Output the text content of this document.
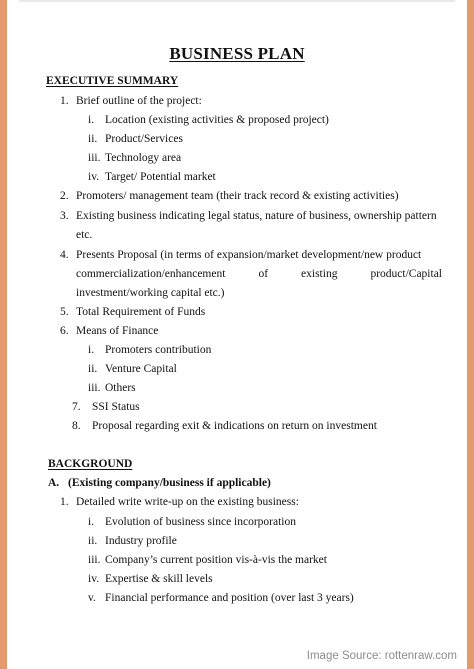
BUSINESS PLAN
EXECUTIVE SUMMARY
1. Brief outline of the project:
i. Location (existing activities & proposed project)
ii. Product/Services
iii. Technology area
iv. Target/ Potential market
2. Promoters/ management team (their track record & existing activities)
3. Existing business indicating legal status, nature of business, ownership pattern
etc.
4. Presents Proposal (in terms of expansion/market development/new product
commercialization/enhancement	of	existing	product/Capital
investment/working capital etc.)
5. Total Requirement of Funds
6. Means of Finance
i. Promoters contribution
ii. Venture Capital
iii. Others
7. SSI Status
8. Proposal regarding exit & indications on return on investment
BACKGROUND
A. (Existing company/business if applicable)
1. Detailed write write-up on the existing business:
i. Evolution of business since incorporation
ii. Industry profile
iii. Company’s current position vis-à-vis the market
iv. Expertise & skill levels
v. Financial performance and position (over last 3 years)
Image Source: rottenraw.com
